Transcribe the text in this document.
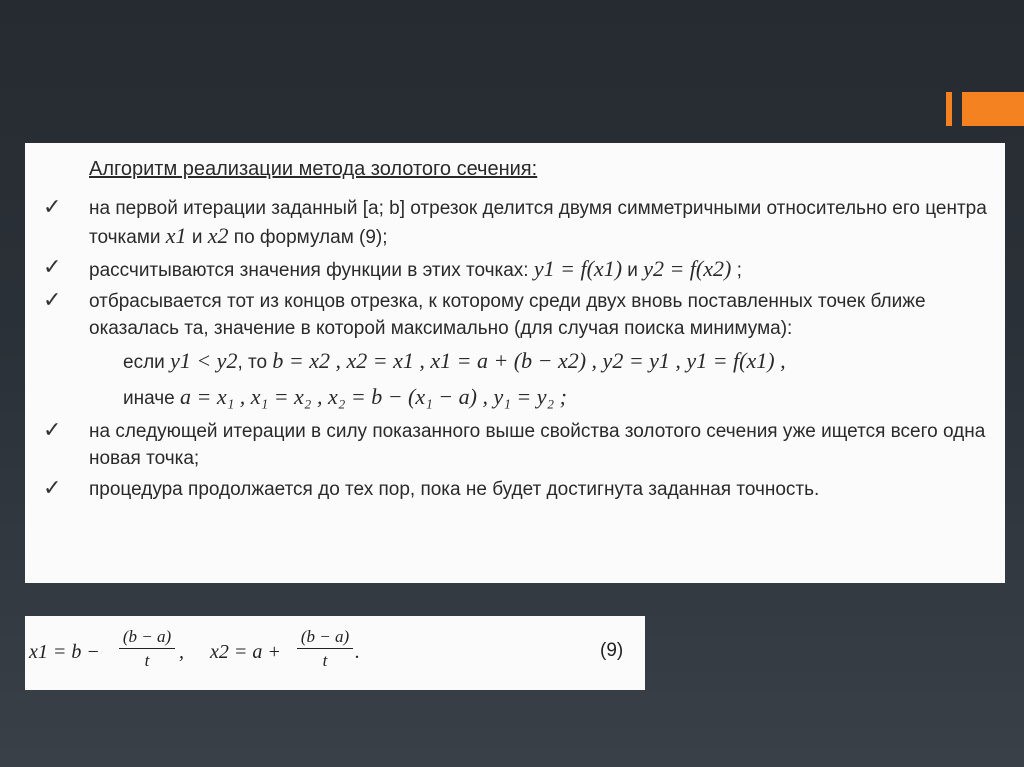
Алгоритм реализации метода золотого сечения:
✓ на первой итерации заданный [a; b] отрезок делится двумя симметричными относительно его центра точками x1 и x2 по формулам (9);
✓ рассчитываются значения функции в этих точках: y1 = f(x1) и y2 = f(x2) ;
✓ отбрасывается тот из концов отрезка, к которому среди двух вновь поставленных точек ближе оказалась та, значение в которой максимально (для случая поиска минимума):
если y1 < y2, то b = x2 , x2 = x1 , x1 = a + (b − x2) , y2 = y1 , y1 = f(x1) ,
иначе a = x₁ , x₁ = x₂ , x₂ = b − (x₁ − a) , y₁ = y₂ ;
✓ на следующей итерации в силу показанного выше свойства золотого сечения уже ищется всего одна новая точка;
✓ процедура продолжается до тех пор, пока не будет достигнута заданная точность.
$x1 = b - \frac{(b - a)}{t}$ , $x2 = a + \frac{(b - a)}{t}$ .	(9)
